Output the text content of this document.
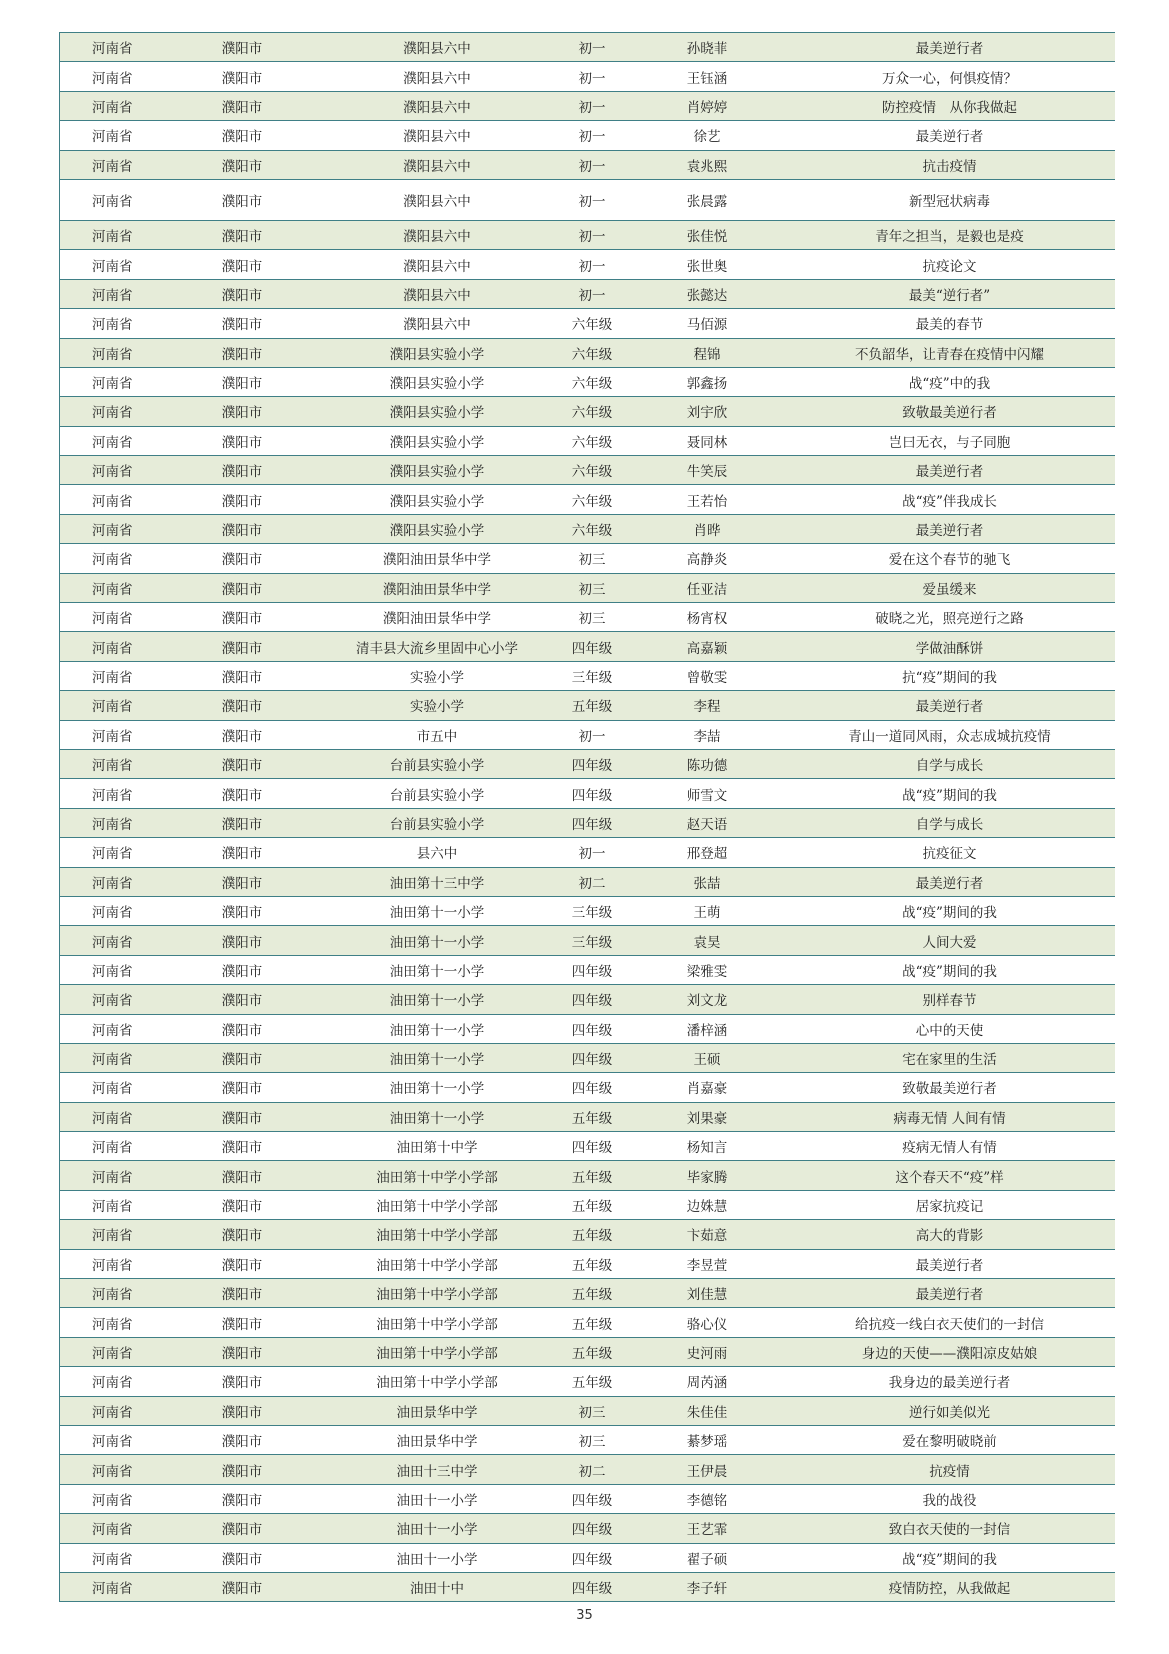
河南省	濮阳市	濮阳县六中	初一	孙晓菲	最美逆行者
河南省	濮阳市	濮阳县六中	初一	王钰涵	万众一心，何惧疫情？
河南省	濮阳市	濮阳县六中	初一	肖婷婷	防控疫情　从你我做起
河南省	濮阳市	濮阳县六中	初一	徐艺	最美逆行者
河南省	濮阳市	濮阳县六中	初一	袁兆熙	抗击疫情
河南省	濮阳市	濮阳县六中	初一	张晨露	新型冠状病毒
河南省	濮阳市	濮阳县六中	初一	张佳悦	青年之担当，是毅也是疫
河南省	濮阳市	濮阳县六中	初一	张世奥	抗疫论文
河南省	濮阳市	濮阳县六中	初一	张懿达	最美“逆行者”
河南省	濮阳市	濮阳县六中	六年级	马佰源	最美的春节
河南省	濮阳市	濮阳县实验小学	六年级	程锦	不负韶华，让青春在疫情中闪耀
河南省	濮阳市	濮阳县实验小学	六年级	郭鑫扬	战“疫”中的我
河南省	濮阳市	濮阳县实验小学	六年级	刘宇欣	致敬最美逆行者
河南省	濮阳市	濮阳县实验小学	六年级	聂同林	岂曰无衣，与子同胞
河南省	濮阳市	濮阳县实验小学	六年级	牛笑辰	最美逆行者
河南省	濮阳市	濮阳县实验小学	六年级	王若怡	战“疫”伴我成长
河南省	濮阳市	濮阳县实验小学	六年级	肖晔	最美逆行者
河南省	濮阳市	濮阳油田景华中学	初三	高静炎	爱在这个春节的驰飞
河南省	濮阳市	濮阳油田景华中学	初三	任亚洁	爱虽缓来
河南省	濮阳市	濮阳油田景华中学	初三	杨宵权	破晓之光，照亮逆行之路
河南省	濮阳市	清丰县大流乡里固中心小学	四年级	高嘉颖	学做油酥饼
河南省	濮阳市	实验小学	三年级	曾敬雯	抗“疫”期间的我
河南省	濮阳市	实验小学	五年级	李程	最美逆行者
河南省	濮阳市	市五中	初一	李喆	青山一道同风雨，众志成城抗疫情
河南省	濮阳市	台前县实验小学	四年级	陈功德	自学与成长
河南省	濮阳市	台前县实验小学	四年级	师雪文	战“疫”期间的我
河南省	濮阳市	台前县实验小学	四年级	赵天语	自学与成长
河南省	濮阳市	县六中	初一	邢登超	抗疫征文
河南省	濮阳市	油田第十三中学	初二	张喆	最美逆行者
河南省	濮阳市	油田第十一小学	三年级	王萌	战“疫”期间的我
河南省	濮阳市	油田第十一小学	三年级	袁昊	人间大爱
河南省	濮阳市	油田第十一小学	四年级	梁雅雯	战“疫”期间的我
河南省	濮阳市	油田第十一小学	四年级	刘文龙	别样春节
河南省	濮阳市	油田第十一小学	四年级	潘梓涵	心中的天使
河南省	濮阳市	油田第十一小学	四年级	王硕	宅在家里的生活
河南省	濮阳市	油田第十一小学	四年级	肖嘉豪	致敬最美逆行者
河南省	濮阳市	油田第十一小学	五年级	刘果豪	病毒无情 人间有情
河南省	濮阳市	油田第十中学	四年级	杨知言	疫病无情人有情
河南省	濮阳市	油田第十中学小学部	五年级	毕家腾	这个春天不“疫”样
河南省	濮阳市	油田第十中学小学部	五年级	边姝慧	居家抗疫记
河南省	濮阳市	油田第十中学小学部	五年级	卞茹意	高大的背影
河南省	濮阳市	油田第十中学小学部	五年级	李昱萱	最美逆行者
河南省	濮阳市	油田第十中学小学部	五年级	刘佳慧	最美逆行者
河南省	濮阳市	油田第十中学小学部	五年级	骆心仪	给抗疫一线白衣天使们的一封信
河南省	濮阳市	油田第十中学小学部	五年级	史河雨	身边的天使——濮阳凉皮姑娘
河南省	濮阳市	油田第十中学小学部	五年级	周芮涵	我身边的最美逆行者
河南省	濮阳市	油田景华中学	初三	朱佳佳	逆行如美似光
河南省	濮阳市	油田景华中学	初三	綦梦瑶	爱在黎明破晓前
河南省	濮阳市	油田十三中学	初二	王伊晨	抗疫情
河南省	濮阳市	油田十一小学	四年级	李德铭	我的战役
河南省	濮阳市	油田十一小学	四年级	王艺霏	致白衣天使的一封信
河南省	濮阳市	油田十一小学	四年级	翟子硕	战“疫”期间的我
河南省	濮阳市	油田十中	四年级	李子轩	疫情防控，从我做起
35
